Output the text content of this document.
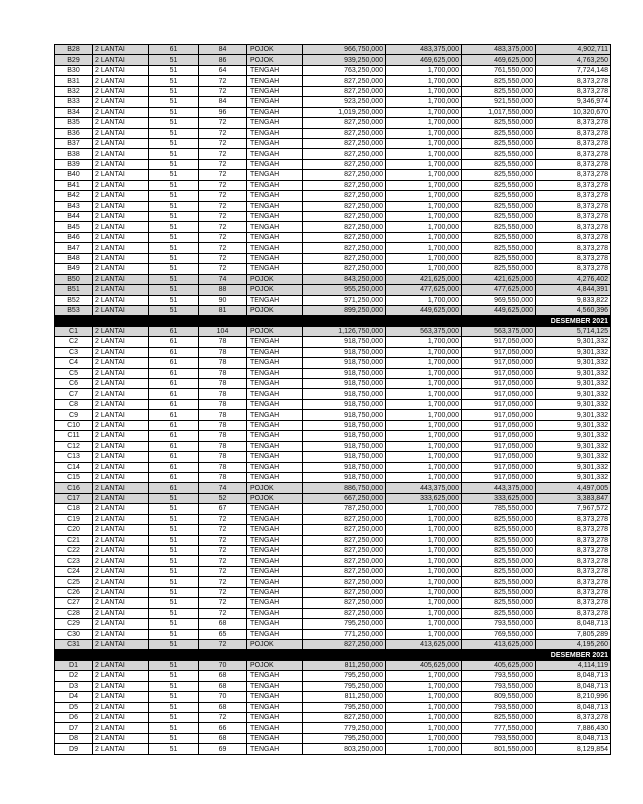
B28	2 LANTAI	61	84	POJOK	966,750,000	483,375,000	483,375,000	4,902,711
B29	2 LANTAI	51	86	POJOK	939,250,000	469,625,000	469,625,000	4,763,250
B30	2 LANTAI	51	64	TENGAH	763,250,000	1,700,000	761,550,000	7,724,148
B31	2 LANTAI	51	72	TENGAH	827,250,000	1,700,000	825,550,000	8,373,278
B32	2 LANTAI	51	72	TENGAH	827,250,000	1,700,000	825,550,000	8,373,278
B33	2 LANTAI	51	84	TENGAH	923,250,000	1,700,000	921,550,000	9,346,974
B34	2 LANTAI	51	96	TENGAH	1,019,250,000	1,700,000	1,017,550,000	10,320,670
B35	2 LANTAI	51	72	TENGAH	827,250,000	1,700,000	825,550,000	8,373,278
B36	2 LANTAI	51	72	TENGAH	827,250,000	1,700,000	825,550,000	8,373,278
B37	2 LANTAI	51	72	TENGAH	827,250,000	1,700,000	825,550,000	8,373,278
B38	2 LANTAI	51	72	TENGAH	827,250,000	1,700,000	825,550,000	8,373,278
B39	2 LANTAI	51	72	TENGAH	827,250,000	1,700,000	825,550,000	8,373,278
B40	2 LANTAI	51	72	TENGAH	827,250,000	1,700,000	825,550,000	8,373,278
B41	2 LANTAI	51	72	TENGAH	827,250,000	1,700,000	825,550,000	8,373,278
B42	2 LANTAI	51	72	TENGAH	827,250,000	1,700,000	825,550,000	8,373,278
B43	2 LANTAI	51	72	TENGAH	827,250,000	1,700,000	825,550,000	8,373,278
B44	2 LANTAI	51	72	TENGAH	827,250,000	1,700,000	825,550,000	8,373,278
B45	2 LANTAI	51	72	TENGAH	827,250,000	1,700,000	825,550,000	8,373,278
B46	2 LANTAI	51	72	TENGAH	827,250,000	1,700,000	825,550,000	8,373,278
B47	2 LANTAI	51	72	TENGAH	827,250,000	1,700,000	825,550,000	8,373,278
B48	2 LANTAI	51	72	TENGAH	827,250,000	1,700,000	825,550,000	8,373,278
B49	2 LANTAI	51	72	TENGAH	827,250,000	1,700,000	825,550,000	8,373,278
B50	2 LANTAI	51	74	POJOK	843,250,000	421,625,000	421,625,000	4,276,402
B51	2 LANTAI	51	88	POJOK	955,250,000	477,625,000	477,625,000	4,844,391
B52	2 LANTAI	51	90	TENGAH	971,250,000	1,700,000	969,550,000	9,833,822
B53	2 LANTAI	51	81	POJOK	899,250,000	449,625,000	449,625,000	4,560,396
DESEMBER 2021								
C1	2 LANTAI	61	104	POJOK	1,126,750,000	563,375,000	563,375,000	5,714,125
C2	2 LANTAI	61	78	TENGAH	918,750,000	1,700,000	917,050,000	9,301,332
C3	2 LANTAI	61	78	TENGAH	918,750,000	1,700,000	917,050,000	9,301,332
C4	2 LANTAI	61	78	TENGAH	918,750,000	1,700,000	917,050,000	9,301,332
C5	2 LANTAI	61	78	TENGAH	918,750,000	1,700,000	917,050,000	9,301,332
C6	2 LANTAI	61	78	TENGAH	918,750,000	1,700,000	917,050,000	9,301,332
C7	2 LANTAI	61	78	TENGAH	918,750,000	1,700,000	917,050,000	9,301,332
C8	2 LANTAI	61	78	TENGAH	918,750,000	1,700,000	917,050,000	9,301,332
C9	2 LANTAI	61	78	TENGAH	918,750,000	1,700,000	917,050,000	9,301,332
C10	2 LANTAI	61	78	TENGAH	918,750,000	1,700,000	917,050,000	9,301,332
C11	2 LANTAI	61	78	TENGAH	918,750,000	1,700,000	917,050,000	9,301,332
C12	2 LANTAI	61	78	TENGAH	918,750,000	1,700,000	917,050,000	9,301,332
C13	2 LANTAI	61	78	TENGAH	918,750,000	1,700,000	917,050,000	9,301,332
C14	2 LANTAI	61	78	TENGAH	918,750,000	1,700,000	917,050,000	9,301,332
C15	2 LANTAI	61	78	TENGAH	918,750,000	1,700,000	917,050,000	9,301,332
C16	2 LANTAI	61	74	POJOK	886,750,000	443,375,000	443,375,000	4,497,005
C17	2 LANTAI	51	52	POJOK	667,250,000	333,625,000	333,625,000	3,383,847
C18	2 LANTAI	51	67	TENGAH	787,250,000	1,700,000	785,550,000	7,967,572
C19	2 LANTAI	51	72	TENGAH	827,250,000	1,700,000	825,550,000	8,373,278
C20	2 LANTAI	51	72	TENGAH	827,250,000	1,700,000	825,550,000	8,373,278
C21	2 LANTAI	51	72	TENGAH	827,250,000	1,700,000	825,550,000	8,373,278
C22	2 LANTAI	51	72	TENGAH	827,250,000	1,700,000	825,550,000	8,373,278
C23	2 LANTAI	51	72	TENGAH	827,250,000	1,700,000	825,550,000	8,373,278
C24	2 LANTAI	51	72	TENGAH	827,250,000	1,700,000	825,550,000	8,373,278
C25	2 LANTAI	51	72	TENGAH	827,250,000	1,700,000	825,550,000	8,373,278
C26	2 LANTAI	51	72	TENGAH	827,250,000	1,700,000	825,550,000	8,373,278
C27	2 LANTAI	51	72	TENGAH	827,250,000	1,700,000	825,550,000	8,373,278
C28	2 LANTAI	51	72	TENGAH	827,250,000	1,700,000	825,550,000	8,373,278
C29	2 LANTAI	51	68	TENGAH	795,250,000	1,700,000	793,550,000	8,048,713
C30	2 LANTAI	51	65	TENGAH	771,250,000	1,700,000	769,550,000	7,805,289
C31	2 LANTAI	51	72	POJOK	827,250,000	413,625,000	413,625,000	4,195,260
DESEMBER 2021								
D1	2 LANTAI	51	70	POJOK	811,250,000	405,625,000	405,625,000	4,114,119
D2	2 LANTAI	51	68	TENGAH	795,250,000	1,700,000	793,550,000	8,048,713
D3	2 LANTAI	51	68	TENGAH	795,250,000	1,700,000	793,550,000	8,048,713
D4	2 LANTAI	51	70	TENGAH	811,250,000	1,700,000	809,550,000	8,210,996
D5	2 LANTAI	51	68	TENGAH	795,250,000	1,700,000	793,550,000	8,048,713
D6	2 LANTAI	51	72	TENGAH	827,250,000	1,700,000	825,550,000	8,373,278
D7	2 LANTAI	51	66	TENGAH	779,250,000	1,700,000	777,550,000	7,886,430
D8	2 LANTAI	51	68	TENGAH	795,250,000	1,700,000	793,550,000	8,048,713
D9	2 LANTAI	51	69	TENGAH	803,250,000	1,700,000	801,550,000	8,129,854
